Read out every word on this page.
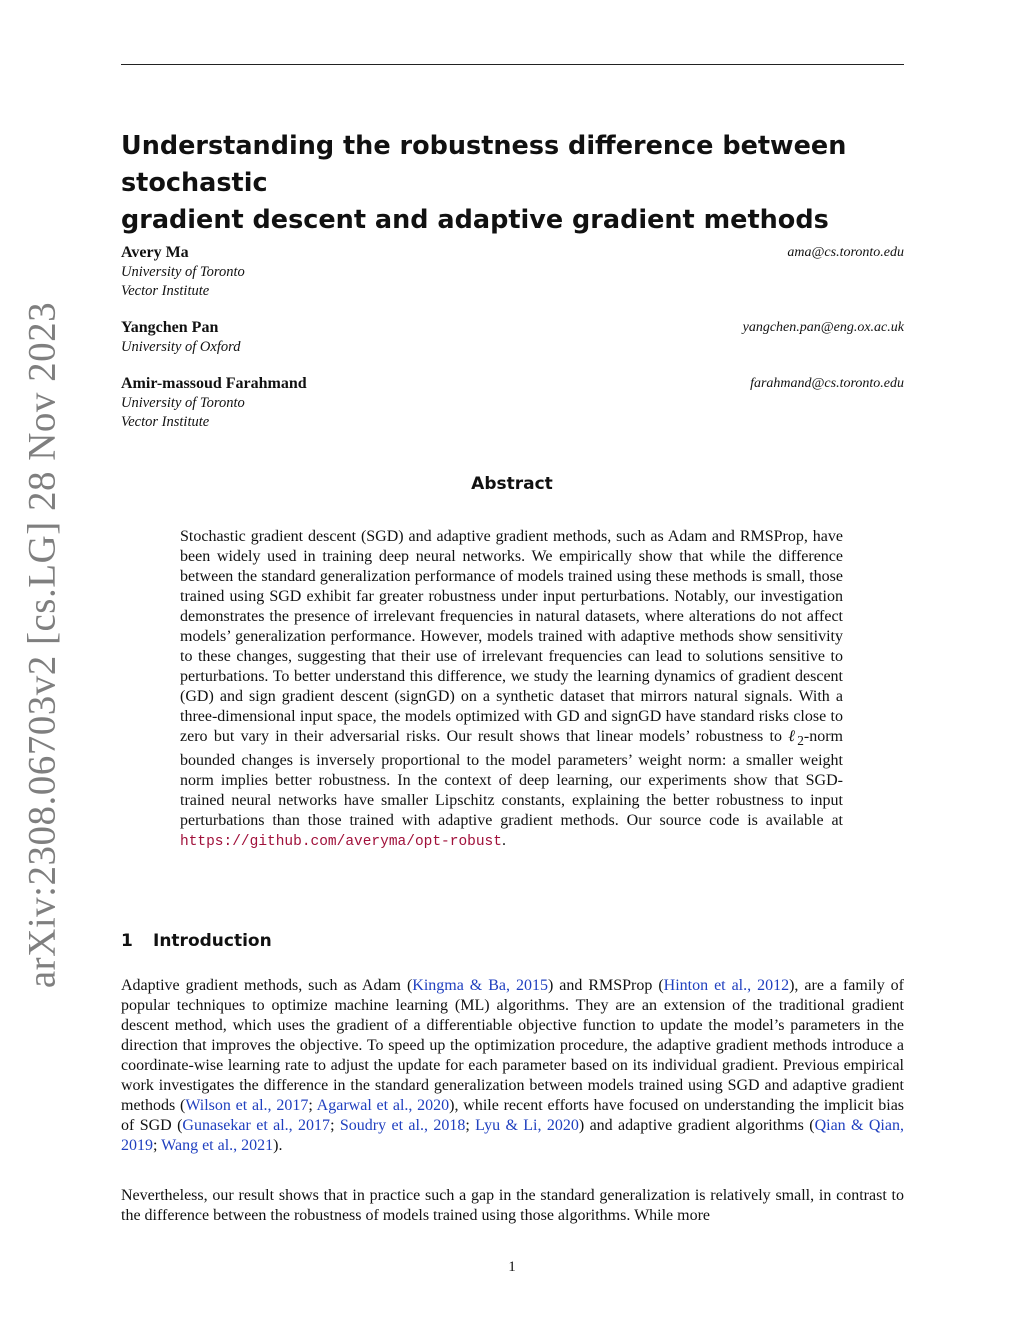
arXiv:2308.06703v2 [cs.LG] 28 Nov 2023
Understanding the robustness difference between stochastic
gradient descent and adaptive gradient methods
Avery Ma	ama@cs.toronto.edu
University of Toronto
Vector Institute
Yangchen Pan	yangchen.pan@eng.ox.ac.uk
University of Oxford
Amir-massoud Farahmand	farahmand@cs.toronto.edu
University of Toronto
Vector Institute
Abstract

Stochastic gradient descent (SGD) and adaptive gradient methods, such as Adam and RMSProp, have been widely used in training deep neural networks. We empirically show that while the difference between the standard generalization performance of models trained using these methods is small, those trained using SGD exhibit far greater robustness under input perturbations. Notably, our investigation demonstrates the presence of irrelevant frequencies in natural datasets, where alterations do not affect models’ generalization performance. However, models trained with adaptive methods show sensitivity to these changes, suggesting that their use of irrelevant frequencies can lead to solutions sensitive to perturbations. To better understand this difference, we study the learning dynamics of gradient descent (GD) and sign gradient descent (signGD) on a synthetic dataset that mirrors natural signals. With a three-dimensional input space, the models optimized with GD and signGD have standard risks close to zero but vary in their adversarial risks. Our result shows that linear models’ robustness to ℓ$_2$-norm bounded changes is inversely proportional to the model parameters’ weight norm: a smaller weight norm implies better robustness. In the context of deep learning, our experiments show that SGD-trained neural networks have smaller Lipschitz constants, explaining the better robustness to input perturbations than those trained with adaptive gradient methods. Our source code is available at https://github.com/averyma/opt-robust.

1 Introduction

Adaptive gradient methods, such as Adam (Kingma & Ba, 2015) and RMSProp (Hinton et al., 2012), are a family of popular techniques to optimize machine learning (ML) algorithms. They are an extension of the traditional gradient descent method, which uses the gradient of a differentiable objective function to update the model’s parameters in the direction that improves the objective. To speed up the optimization procedure, the adaptive gradient methods introduce a coordinate-wise learning rate to adjust the update for each parameter based on its individual gradient. Previous empirical work investigates the difference in the standard generalization between models trained using SGD and adaptive gradient methods (Wilson et al., 2017; Agarwal et al., 2020), while recent efforts have focused on understanding the implicit bias of SGD (Gunasekar et al., 2017; Soudry et al., 2018; Lyu & Li, 2020) and adaptive gradient algorithms (Qian & Qian, 2019; Wang et al., 2021).

Nevertheless, our result shows that in practice such a gap in the standard generalization is relatively small, in contrast to the difference between the robustness of models trained using those algorithms. While more

1
